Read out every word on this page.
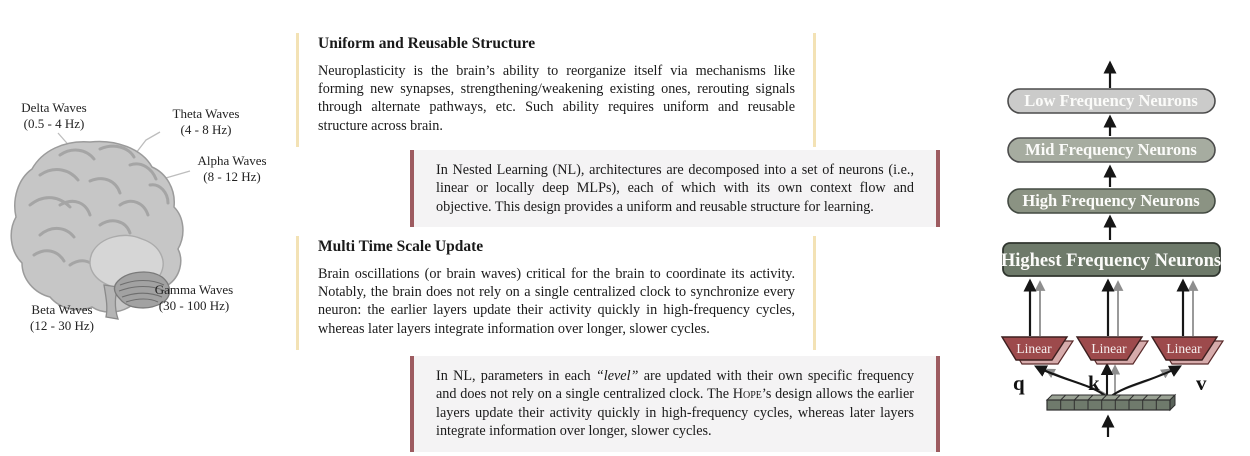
Delta Waves
(0.5 - 4 Hz)
Theta Waves
(4 - 8 Hz)
Alpha Waves
(8 - 12 Hz)
Gamma Waves
(30 - 100 Hz)
Beta Waves
(12 - 30 Hz)

Uniform and Reusable Structure

Neuroplasticity is the brain’s ability to reorganize itself via mechanisms like forming new synapses, strengthening/weakening existing ones, rerouting signals through alternate pathways, etc. Such ability requires uniform and reusable structure across brain.

In Nested Learning (NL), architectures are decomposed into a set of neurons (i.e., linear or locally deep MLPs), each of which with its own context flow and objective. This design provides a uniform and reusable structure for learning.

Multi Time Scale Update

Brain oscillations (or brain waves) critical for the brain to coordinate its activity. Notably, the brain does not rely on a single centralized clock to synchronize every neuron: the earlier layers update their activity quickly in high-frequency cycles, whereas later layers integrate information over longer, slower cycles.

In NL, parameters in each “level” are updated with their own specific frequency and does not rely on a single centralized clock. The Hope’s design allows the earlier layers update their activity quickly in high-frequency cycles, whereas later layers integrate information over longer, slower cycles.

Low Frequency Neurons
Mid Frequency Neurons
High Frequency Neurons
Highest Frequency Neurons
Linear	Linear	Linear
q	k	v
